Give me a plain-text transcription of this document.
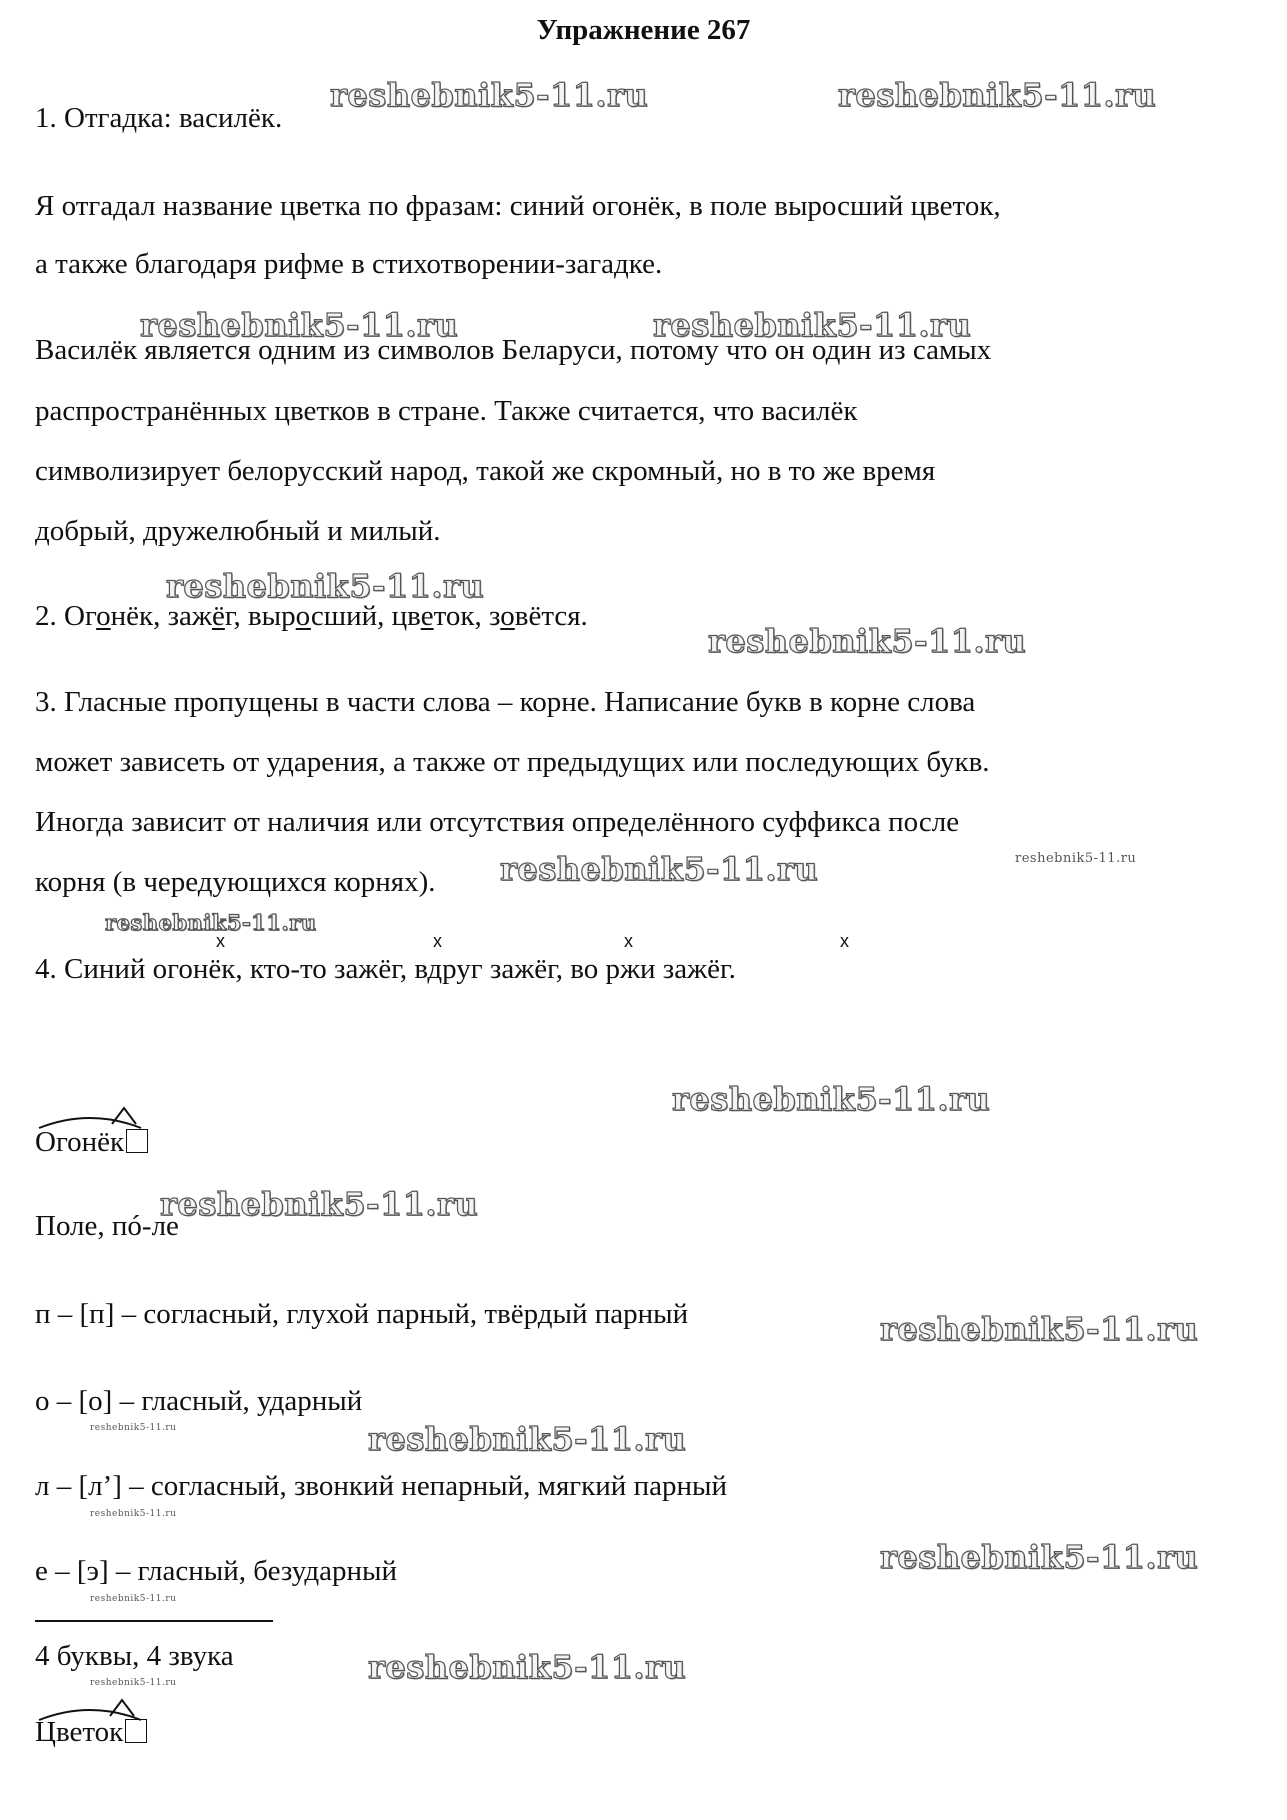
Упражнение 267
reshebnik5-11.ru	reshebnik5-11.ru
reshebnik5-11.ru	reshebnik5-11.ru
reshebnik5-11.ru
reshebnik5-11.ru
reshebnik5-11.ru	reshebnik5-11.ru
reshebnik5-11.ru
reshebnik5-11.ru
reshebnik5-11.ru
reshebnik5-11.ru
reshebnik5-11.ru
reshebnik5-11.ru
reshebnik5-11.ru
reshebnik5-11.ru
reshebnik5-11.ru
reshebnik5-11.ru
reshebnik5-11.ru
1. Отгадка: василёк.
Я отгадал название цветка по фразам: синий огонёк, в поле выросший цветок,
а также благодаря рифме в стихотворении-загадке.
Василёк является одним из символов Беларуси, потому что он один из самых
распространённых цветков в стране. Также считается, что василёк
символизирует белорусский народ, такой же скромный, но в то же время
добрый, дружелюбный и милый.
2. Огонёк, зажёг, выросший, цветок, зовётся.
3. Гласные пропущены в части слова – корне. Написание букв в корне слова
может зависеть от ударения, а также от предыдущих или последующих букв.
Иногда зависит от наличия или отсутствия определённого суффикса после
корня (в чередующихся корнях).
x	x	x	x
4. Синий огонёк, кто-то зажёг, вдруг зажёг, во ржи зажёг.
Огонёк
Поле, пó-ле
п – [п] – согласный, глухой парный, твёрдый парный
о – [о] – гласный, ударный
л – [л’] – согласный, звонкий непарный, мягкий парный
е – [э] – гласный, безударный
4 буквы, 4 звука
Цветок
